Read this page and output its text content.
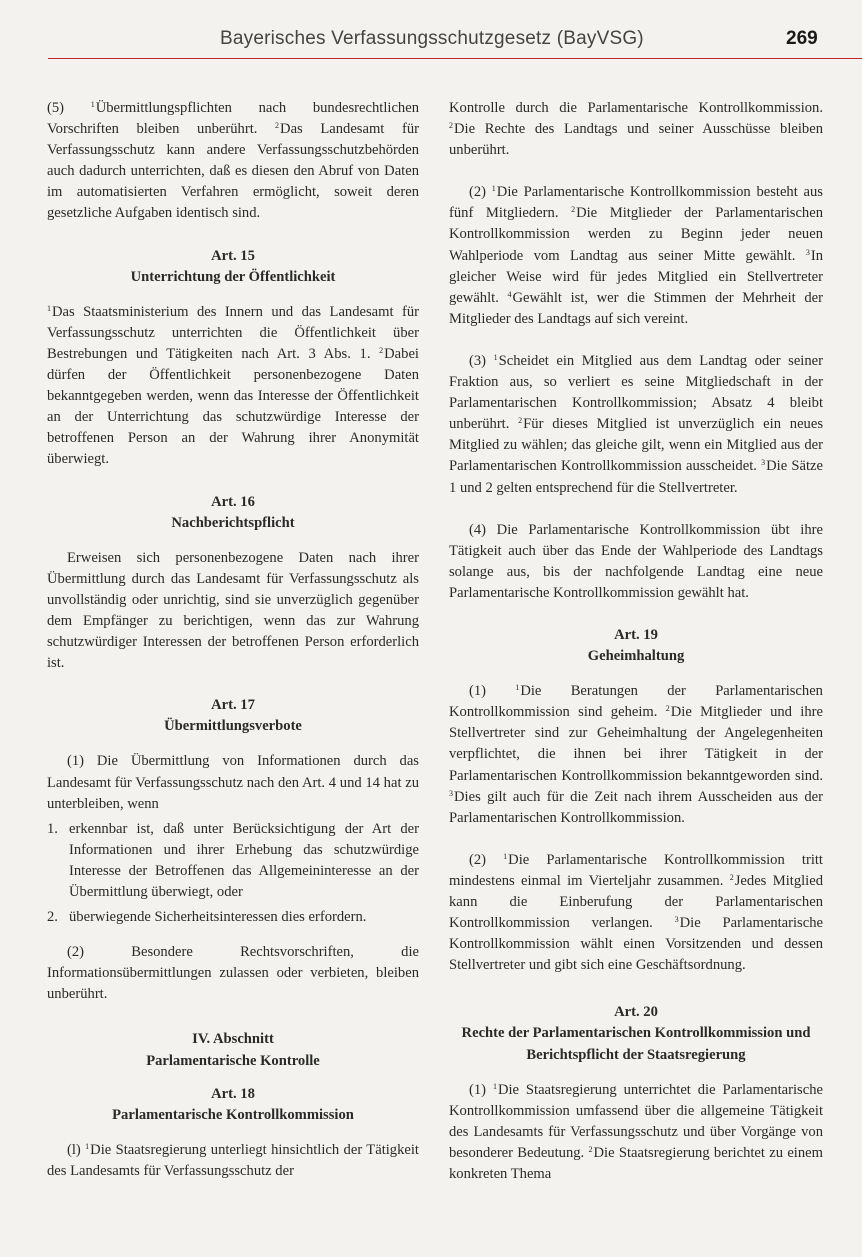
Bayerisches Verfassungsschutzgesetz (BayVSG)	269

(5)	$^1$Übermittlungspflichten nach bundesrechtlichen Vorschriften bleiben unberührt. $^2$Das Landesamt für Verfassungsschutz kann andere Verfassungsschutzbehörden auch dadurch unterrichten, daß es diesen den Abruf von Daten im automatisierten Verfahren ermöglicht, soweit deren gesetzliche Aufgaben identisch sind.

Art. 15

Unterrichtung der Öffentlichkeit

$^1$Das Staatsministerium des Innern und das Landesamt für Verfassungsschutz unterrichten die Öffentlichkeit über Bestrebungen und Tätigkeiten nach Art. 3 Abs. 1. $^2$Dabei dürfen der Öffentlichkeit personenbezogene Daten bekanntgegeben werden, wenn das Interesse der Öffentlichkeit an der Unterrichtung das schutzwürdige Interesse der betroffenen Person an der Wahrung ihrer Anonymität überwiegt.

Art. 16

Nachberichtspflicht

Erweisen sich personenbezogene Daten nach ihrer Übermittlung durch das Landesamt für Verfassungsschutz als unvollständig oder unrichtig, sind sie unverzüglich gegenüber dem Empfänger zu berichtigen, wenn das zur Wahrung schutzwürdiger Interessen der betroffenen Person erforderlich ist.

Art. 17

Übermittlungsverbote

(1) Die Übermittlung von Informationen durch das Landesamt für Verfassungsschutz nach den Art. 4 und 14 hat zu unterbleiben, wenn

1. erkennbar ist, daß unter Berücksichtigung der Art der Informationen und ihrer Erhebung das schutzwürdige Interesse der Betroffenen das Allgemeininteresse an der Übermittlung überwiegt, oder
2. überwiegende Sicherheitsinteressen dies erfordern.

(2) Besondere Rechtsvorschriften, die Informationsübermittlungen zulassen oder verbieten, bleiben unberührt.

IV. Abschnitt

Parlamentarische Kontrolle

Art. 18

Parlamentarische Kontrollkommission

(l) $^1$Die Staatsregierung unterliegt hinsichtlich der Tätigkeit des Landesamts für Verfassungsschutz der

Kontrolle durch die Parlamentarische Kontrollkommission. $^2$Die Rechte des Landtags und seiner Ausschüsse bleiben unberührt.

(2) $^1$Die Parlamentarische Kontrollkommission besteht aus fünf Mitgliedern. $^2$Die Mitglieder der Parlamentarischen Kontrollkommission werden zu Beginn jeder neuen Wahlperiode vom Landtag aus seiner Mitte gewählt. $^3$In gleicher Weise wird für jedes Mitglied ein Stellvertreter gewählt. $^4$Gewählt ist, wer die Stimmen der Mehrheit der Mitglieder des Landtags auf sich vereint.

(3) $^1$Scheidet ein Mitglied aus dem Landtag oder seiner Fraktion aus, so verliert es seine Mitgliedschaft in der Parlamentarischen Kontrollkommission; Absatz 4 bleibt unberührt. $^2$Für dieses Mitglied ist unverzüglich ein neues Mitglied zu wählen; das gleiche gilt, wenn ein Mitglied aus der Parlamentarischen Kontrollkommission ausscheidet. $^3$Die Sätze 1 und 2 gelten entsprechend für die Stellvertreter.

(4) Die Parlamentarische Kontrollkommission übt ihre Tätigkeit auch über das Ende der Wahlperiode des Landtags solange aus, bis der nachfolgende Landtag eine neue Parlamentarische Kontrollkommission gewählt hat.

Art. 19

Geheimhaltung

(1)	$^1$Die Beratungen der Parlamentarischen Kontrollkommission sind geheim. $^2$Die Mitglieder und ihre Stellvertreter sind zur Geheimhaltung der Angelegenheiten verpflichtet, die ihnen bei ihrer Tätigkeit in der Parlamentarischen Kontrollkommission bekanntgeworden sind. $^3$Dies gilt auch für die Zeit nach ihrem Ausscheiden aus der Parlamentarischen Kontrollkommission.

(2) $^1$Die Parlamentarische Kontrollkommission tritt mindestens einmal im Vierteljahr zusammen. $^2$Jedes Mitglied kann die Einberufung der Parlamentarischen Kontrollkommission verlangen.	$^3$Die Parlamentarische Kontrollkommission wählt einen Vorsitzenden und dessen Stellvertreter und gibt sich eine Geschäftsordnung.

Art. 20

Rechte der Parlamentarischen Kontrollkommission und Berichtspflicht der Staatsregierung

(1) $^1$Die Staatsregierung unterrichtet die Parlamentarische Kontrollkommission umfassend über die allgemeine Tätigkeit des Landesamts für Verfassungsschutz und über Vorgänge von besonderer Bedeutung. $^2$Die Staatsregierung berichtet zu einem konkreten Thema
